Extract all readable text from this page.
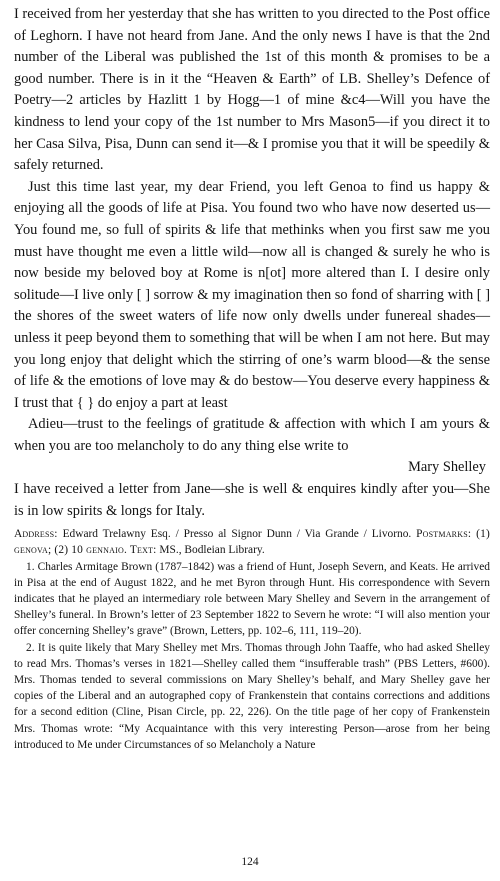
I received from her yesterday that she has written to you directed to the Post office of Leghorn. I have not heard from Jane. And the only news I have is that the 2nd number of the Liberal was published the 1st of this month & promises to be a good number. There is in it the “Heaven & Earth” of LB. Shelley’s Defence of Poetry—2 articles by Hazlitt 1 by Hogg—1 of mine &c4—Will you have the kindness to lend your copy of the 1st number to Mrs Mason5—if you direct it to her Casa Silva, Pisa, Dunn can send it—& I promise you that it will be speedily & safely returned.

Just this time last year, my dear Friend, you left Genoa to find us happy & enjoying all the goods of life at Pisa. You found two who have now deserted us—You found me, so full of spirits & life that methinks when you first saw me you must have thought me even a little wild—now all is changed & surely he who is now beside my beloved boy at Rome is n[ot] more altered than I. I desire only solitude—I live only [ ] sorrow & my imagination then so fond of sharring with [ ] the shores of the sweet waters of life now only dwells under funereal shades—unless it peep beyond them to something that will be when I am not here. But may you long enjoy that delight which the stirring of one’s warm blood—& the sense of life & the emotions of love may & do bestow—You deserve every happiness & I trust that { } do enjoy a part at least

Adieu—trust to the feelings of gratitude & affection with which I am yours & when you are too melancholy to do any thing else write to

Mary Shelley

I have received a letter from Jane—she is well & enquires kindly after you—She is in low spirits & longs for Italy.

Address: Edward Trelawny Esq. / Presso al Signor Dunn / Via Grande / Livorno. Postmarks: (1) genova; (2) 10 gennaio. Text: MS., Bodleian Library.

1. Charles Armitage Brown (1787–1842) was a friend of Hunt, Joseph Severn, and Keats. He arrived in Pisa at the end of August 1822, and he met Byron through Hunt. His correspondence with Severn indicates that he played an intermediary role between Mary Shelley and Severn in the arrangement of Shelley’s funeral. In Brown’s letter of 23 September 1822 to Severn he wrote: “I will also mention your offer concerning Shelley’s grave” (Brown, Letters, pp. 102–6, 111, 119–20).

2. It is quite likely that Mary Shelley met Mrs. Thomas through John Taaffe, who had asked Shelley to read Mrs. Thomas’s verses in 1821—Shelley called them “insufferable trash” (PBS Letters, #600). Mrs. Thomas tended to several commissions on Mary Shelley’s behalf, and Mary Shelley gave her copies of the Liberal and an autographed copy of Frankenstein that contains corrections and additions for a second edition (Cline, Pisan Circle, pp. 22, 226). On the title page of her copy of Frankenstein Mrs. Thomas wrote: “My Acquaintance with this very interesting Person—arose from her being introduced to Me under Circumstances of so Melancholy a Nature

124
